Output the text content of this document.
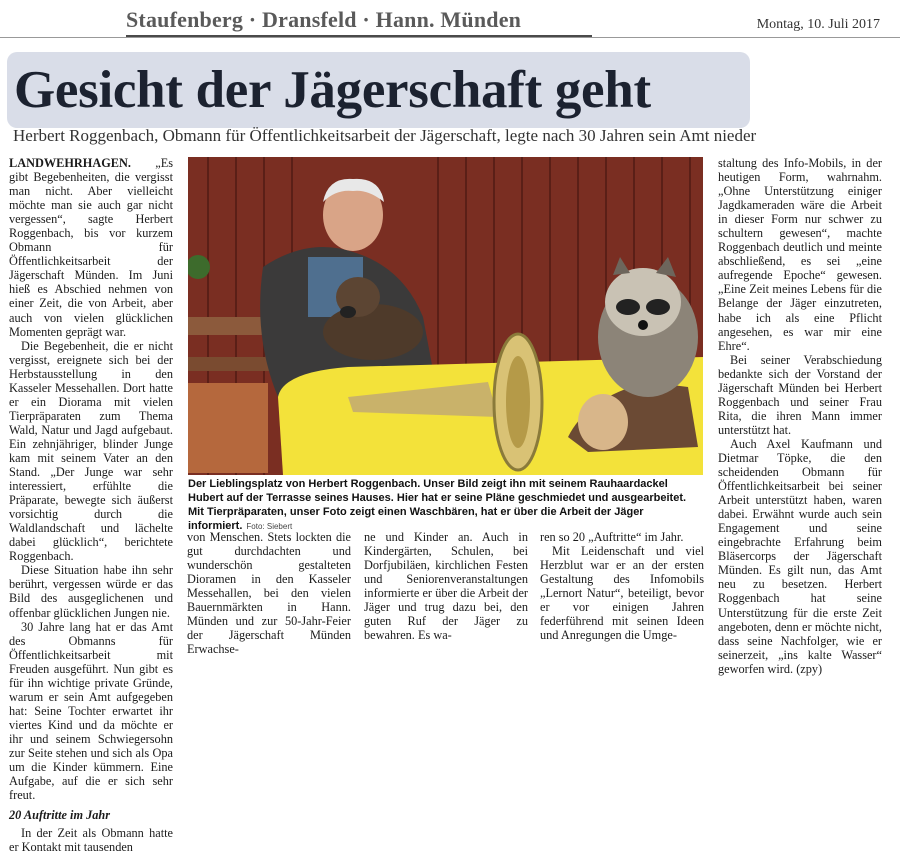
Staufenberg · Dransfeld · Hann. Münden	Montag, 10. Juli 2017
Gesicht der Jägerschaft geht
Herbert Roggenbach, Obmann für Öffentlichkeitsarbeit der Jägerschaft, legte nach 30 Jahren sein Amt nieder

LANDWEHRHAGEN. „Es gibt Begebenheiten, die vergisst man nicht. Aber vielleicht möchte man sie auch gar nicht vergessen“, sagte Herbert Roggenbach, bis vor kurzem Obmann für Öffentlichkeitsarbeit der Jägerschaft Münden. Im Juni hieß es Abschied nehmen von einer Zeit, die von Arbeit, aber auch von vielen glücklichen Momenten geprägt war.

Die Begebenheit, die er nicht vergisst, ereignete sich bei der Herbstausstellung in den Kasseler Messehallen. Dort hatte er ein Diorama mit vielen Tierpräparaten zum Thema Wald, Natur und Jagd aufgebaut. Ein zehnjähriger, blinder Junge kam mit seinem Vater an den Stand. „Der Junge war sehr interessiert, erfühlte die Präparate, bewegte sich äußerst vorsichtig durch die Waldlandschaft und lächelte dabei glücklich“, berichtete Roggenbach.

Diese Situation habe ihn sehr berührt, vergessen würde er das Bild des ausgeglichenen und offenbar glücklichen Jungen nie.

30 Jahre lang hat er das Amt des Obmanns für Öffentlichkeitsarbeit mit Freuden ausgeführt. Nun gibt es für ihn wichtige private Gründe, warum er sein Amt aufgegeben hat: Seine Tochter erwartet ihr viertes Kind und da möchte er ihr und seinem Schwiegersohn zur Seite stehen und sich als Opa um die Kinder kümmern. Eine Aufgabe, auf die er sich sehr freut.

20 Auftritte im Jahr

In der Zeit als Obmann hatte er Kontakt mit tausenden

Der Lieblingsplatz von Herbert Roggenbach. Unser Bild zeigt ihn mit seinem Rauhaardackel Hubert auf der Terrasse seines Hauses. Hier hat er seine Pläne geschmiedet und ausgearbeitet. Mit Tierpräparaten, unser Foto zeigt einen Waschbären, hat er über die Arbeit der Jäger informiert. Foto: Siebert

von Menschen. Stets lockten die gut durchdachten und wunderschön gestalteten Dioramen in den Kasseler Messehallen, bei den vielen Bauernmärkten in Hann. Münden und zur 50-Jahr-Feier der Jägerschaft Münden Erwachse-

ne und Kinder an. Auch in Kindergärten, Schulen, bei Dorfjubiläen, kirchlichen Festen und Seniorenveranstaltungen informierte er über die Arbeit der Jäger und trug dazu bei, den guten Ruf der Jäger zu bewahren. Es wa-

ren so 20 „Auftritte“ im Jahr.

Mit Leidenschaft und viel Herzblut war er an der ersten Gestaltung des Infomobils „Lernort Natur“, beteiligt, bevor er vor einigen Jahren federführend mit seinen Ideen und Anregungen die Umge-

staltung des Info-Mobils, in der heutigen Form, wahrnahm. „Ohne Unterstützung einiger Jagdkameraden wäre die Arbeit in dieser Form nur schwer zu schultern gewesen“, machte Roggenbach deutlich und meinte abschließend, es sei „eine aufregende Epoche“ gewesen. „Eine Zeit meines Lebens für die Belange der Jäger einzutreten, habe ich als eine Pflicht angesehen, es war mir eine Ehre“.

Bei seiner Verabschiedung bedankte sich der Vorstand der Jägerschaft Münden bei Herbert Roggenbach und seiner Frau Rita, die ihren Mann immer unterstützt hat.

Auch Axel Kaufmann und Dietmar Töpke, die den scheidenden Obmann für Öffentlichkeitsarbeit bei seiner Arbeit unterstützt haben, waren dabei. Erwähnt wurde auch sein Engagement und seine eingebrachte Erfahrung beim Bläsercorps der Jägerschaft Münden. Es gilt nun, das Amt neu zu besetzen. Herbert Roggenbach hat seine Unterstützung für die erste Zeit angeboten, denn er möchte nicht, dass seine Nachfolger, wie er seinerzeit, „ins kalte Wasser“ geworfen wird. (zpy)
